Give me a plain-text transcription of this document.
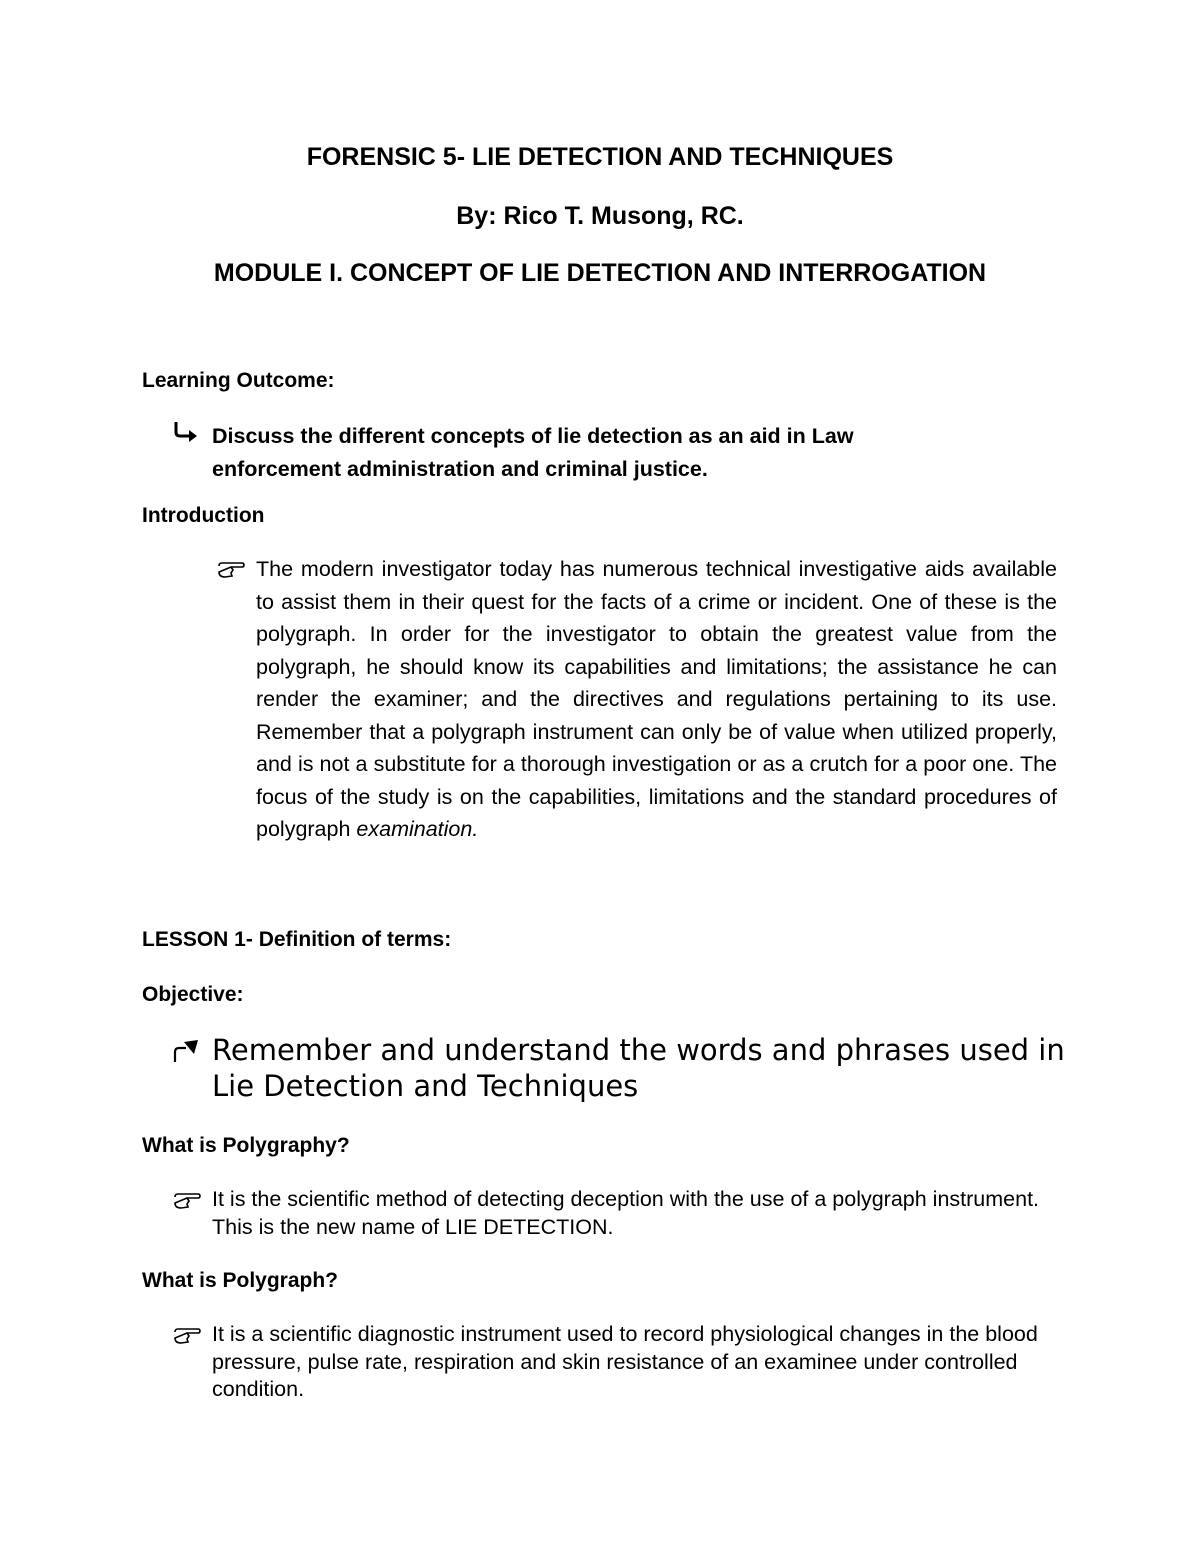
FORENSIC 5- LIE DETECTION AND TECHNIQUES
By: Rico T. Musong, RC.
MODULE I. CONCEPT OF LIE DETECTION AND INTERROGATION
Learning Outcome:

Discuss the different concepts of lie detection as an aid in Law enforcement administration and criminal justice.

Introduction

The modern investigator today has numerous technical investigative aids available to assist them in their quest for the facts of a crime or incident. One of these is the polygraph. In order for the investigator to obtain the greatest value from the polygraph, he should know its capabilities and limitations; the assistance he can render the examiner; and the directives and regulations pertaining to its use. Remember that a polygraph instrument can only be of value when utilized properly, and is not a substitute for a thorough investigation or as a crutch for a poor one. The focus of the study is on the capabilities, limitations and the standard procedures of polygraph examination.

LESSON 1- Definition of terms:
Objective:

Remember and understand the words and phrases used in Lie Detection and Techniques

What is Polygraphy?

It is the scientific method of detecting deception with the use of a polygraph instrument. This is the new name of LIE DETECTION.

What is Polygraph?

It is a scientific diagnostic instrument used to record physiological changes in the blood pressure, pulse rate, respiration and skin resistance of an examinee under controlled condition.
